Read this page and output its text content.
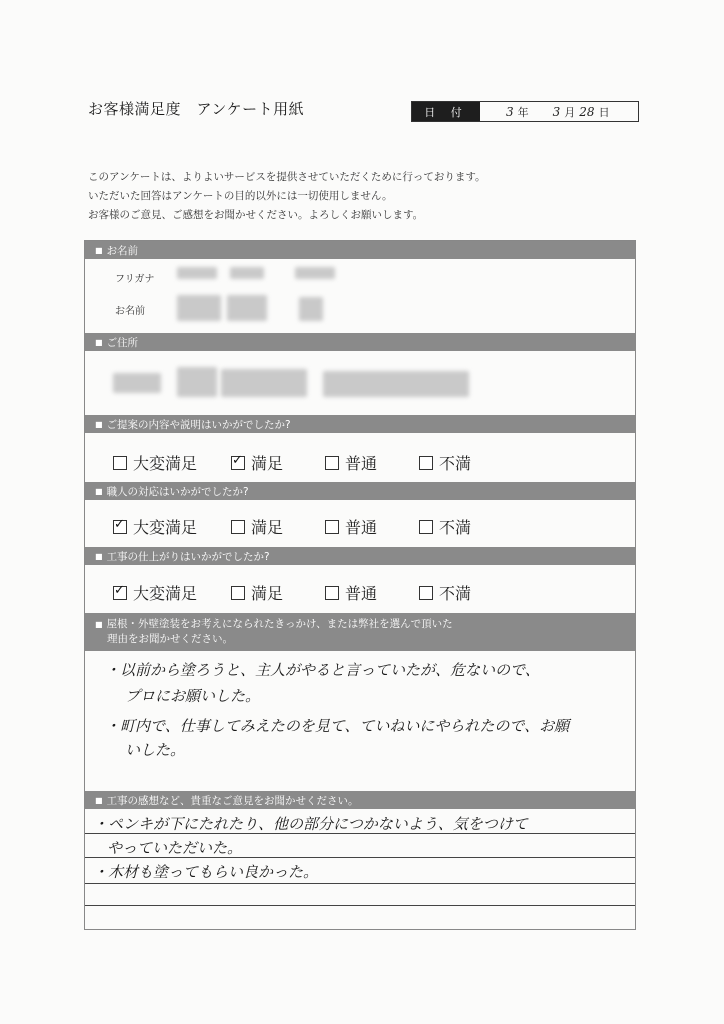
お客様満足度　アンケート用紙	日 付	3 年 3 月 28 日
このアンケートは、よりよいサービスを提供させていただくために行っております。
いただいた回答はアンケートの目的以外には一切使用しません。
お客様のご意見、ご感想をお聞かせください。よろしくお願いします。
■ お名前
フリガナ
お名前
■ ご住所
■ ご提案の内容や説明はいかがでしたか?
大変満足
✓	満足	普通	不満
■ 職人の対応はいかがでしたか?
✓
大変満足	満足	普通	不満
■ 工事の仕上がりはいかがでしたか?
✓
大変満足	満足	普通	不満
■ 屋根・外壁塗装をお考えになられたきっかけ、または弊社を選んで頂いた
理由をお聞かせください。
・以前から塗ろうと、主人がやると言っていたが、危ないので、
プロにお願いした。
・町内で、仕事してみえたのを見て、ていねいにやられたので、お願
いした。
■ 工事の感想など、貴重なご意見をお聞かせください。
・ペンキが下にたれたり、他の部分につかないよう、気をつけて
やっていただいた。
・木材も塗ってもらい良かった。
